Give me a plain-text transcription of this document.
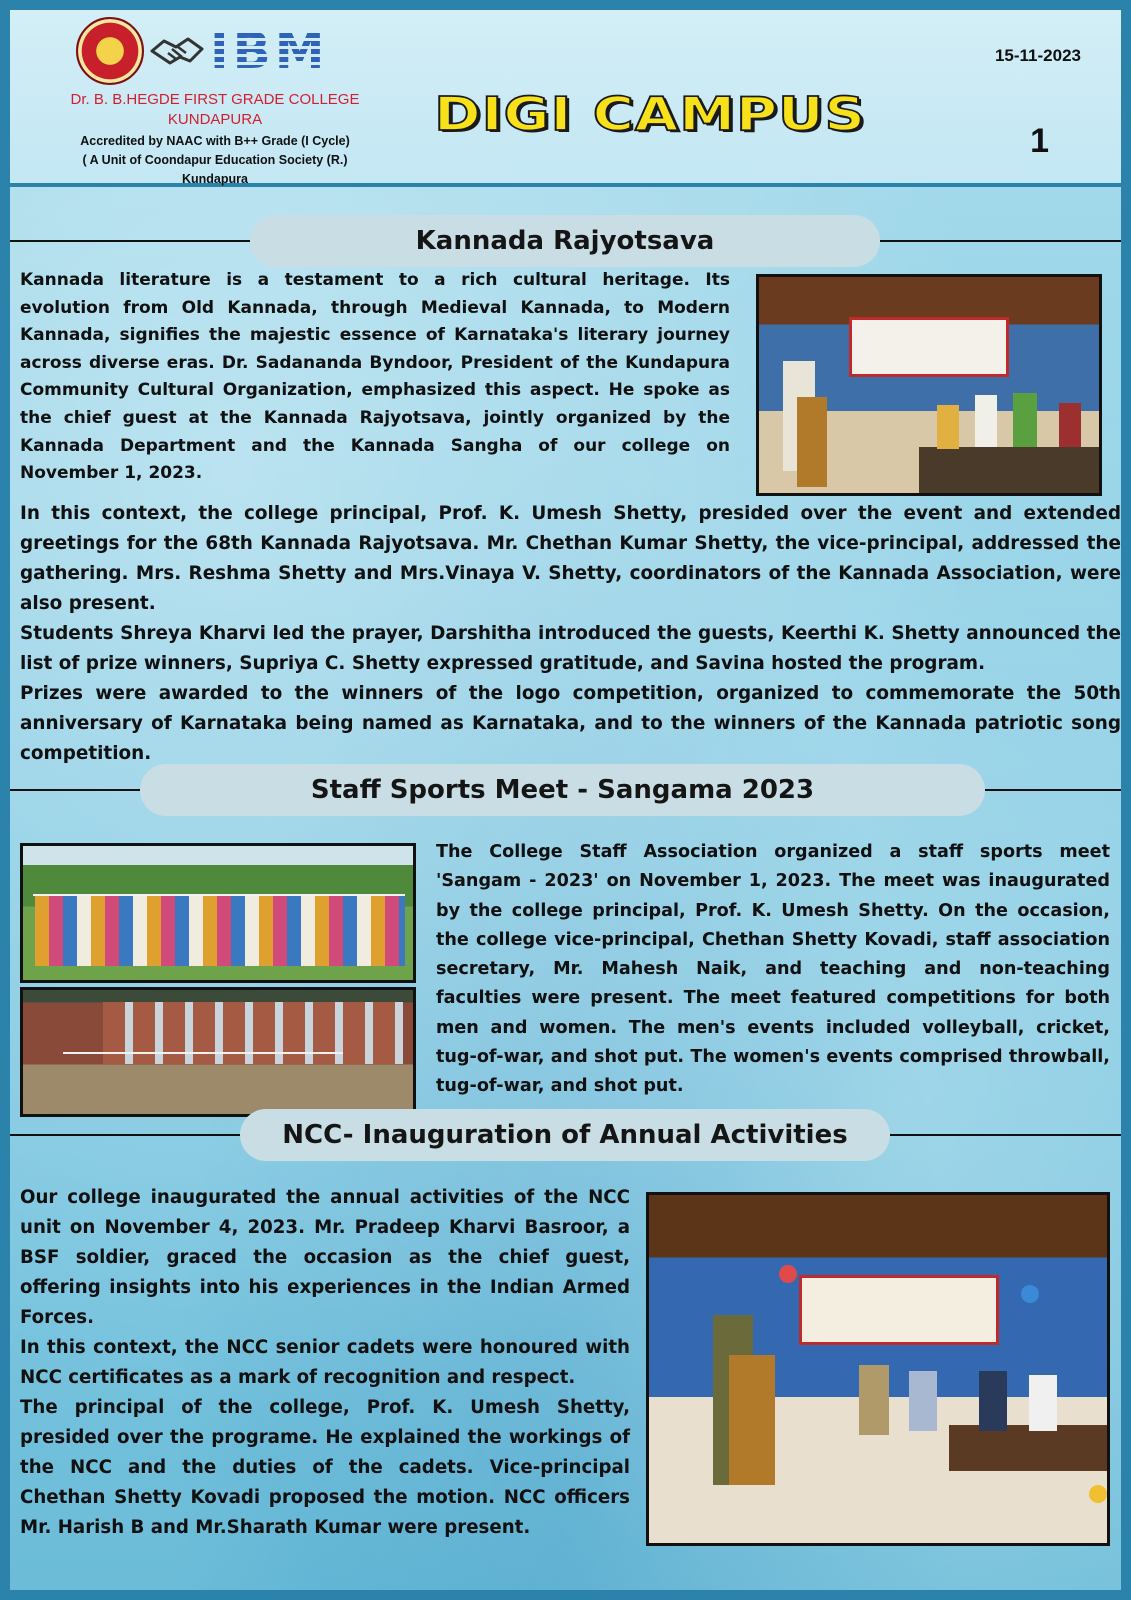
IBM
Dr. B. B.HEGDE FIRST GRADE COLLEGE
KUNDAPURA
Accredited by NAAC with B++ Grade (I Cycle)
( A Unit of Coondapur Education Society (R.)
Kundapura
DIGI CAMPUS
15-11-2023
1
Kannada Rajyotsava

Kannada literature is a testament to a rich cultural heritage. Its evolution from Old Kannada, through Medieval Kannada, to Modern Kannada, signifies the majestic essence of Karnataka's literary journey across diverse eras. Dr. Sadananda Byndoor, President of the Kundapura Community Cultural Organization, emphasized this aspect. He spoke as the chief guest at the Kannada Rajyotsava, jointly organized by the Kannada Department and the Kannada Sangha of our college on November 1, 2023.

In this context, the college principal, Prof. K. Umesh Shetty, presided over the event and extended greetings for the 68th Kannada Rajyotsava. Mr. Chethan Kumar Shetty, the vice-principal, addressed the gathering. Mrs. Reshma Shetty and Mrs.Vinaya V. Shetty, coordinators of the Kannada Association, were also present.

Students Shreya Kharvi led the prayer, Darshitha introduced the guests, Keerthi K. Shetty announced the list of prize winners, Supriya C. Shetty expressed gratitude, and Savina hosted the program.

Prizes were awarded to the winners of the logo competition, organized to commemorate the 50th anniversary of Karnataka being named as Karnataka, and to the winners of the Kannada patriotic song competition.

Staff Sports Meet - Sangama 2023

The College Staff Association organized a staff sports meet 'Sangam - 2023' on November 1, 2023. The meet was inaugurated by the college principal, Prof. K. Umesh Shetty. On the occasion, the college vice-principal, Chethan Shetty Kovadi, staff association secretary, Mr. Mahesh Naik, and teaching and non-teaching faculties were present. The meet featured competitions for both men and women. The men's events included volleyball, cricket, tug-of-war, and shot put. The women's events comprised throwball, tug-of-war, and shot put.

NCC- Inauguration of Annual Activities

Our college inaugurated the annual activities of the NCC unit on November 4, 2023. Mr. Pradeep Kharvi Basroor, a BSF soldier, graced the occasion as the chief guest, offering insights into his experiences in the Indian Armed Forces.

In this context, the NCC senior cadets were honoured with NCC certificates as a mark of recognition and respect.

The principal of the college, Prof. K. Umesh Shetty, presided over the programe. He explained the workings of the NCC and the duties of the cadets. Vice-principal Chethan Shetty Kovadi proposed the motion. NCC officers Mr. Harish B and Mr.Sharath Kumar were present.
